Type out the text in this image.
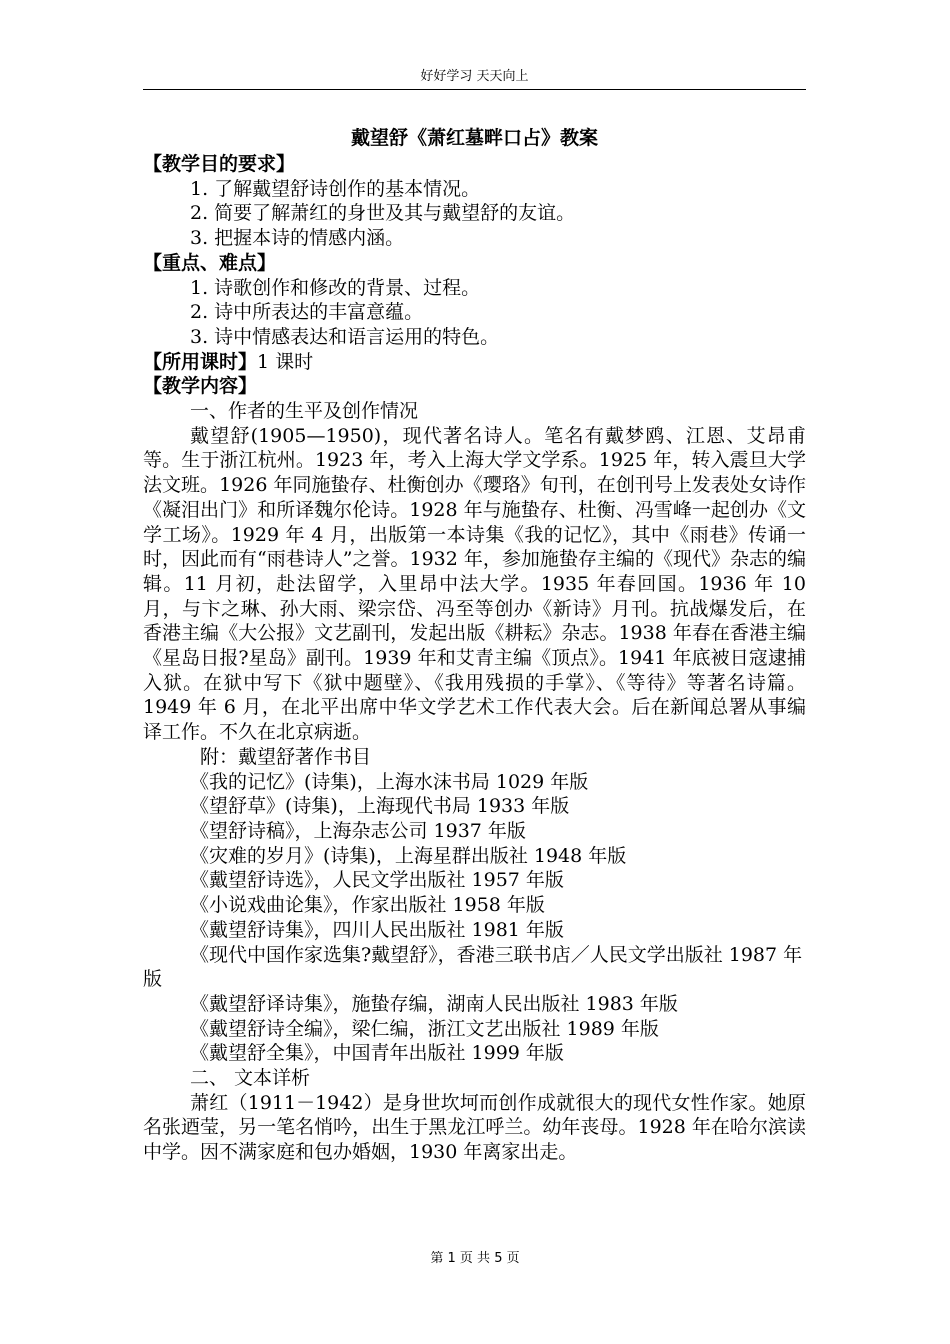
好好学习 天天向上
戴望舒《萧红墓畔口占》教案
【教学目的要求】
1. 了解戴望舒诗创作的基本情况。
2. 简要了解萧红的身世及其与戴望舒的友谊。
3. 把握本诗的情感内涵。
【重点、难点】
1. 诗歌创作和修改的背景、过程。
2. 诗中所表达的丰富意蕴。
3. 诗中情感表达和语言运用的特色。
【所用课时】1 课时
【教学内容】
一、作者的生平及创作情况
戴望舒(1905—1950)，现代著名诗人。笔名有戴梦鸥、江恩、艾昂甫等。生于浙江杭州。1923 年，考入上海大学文学系。1925 年，转入震旦大学法文班。1926 年同施蛰存、杜衡创办《璎珞》旬刊，在创刊号上发表处女诗作《凝泪出门》和所译魏尔伦诗。1928 年与施蛰存、杜衡、冯雪峰一起创办《文学工场》。1929 年 4 月，出版第一本诗集《我的记忆》，其中《雨巷》传诵一时，因此而有“雨巷诗人”之誉。1932 年，参加施蛰存主编的《现代》杂志的编辑。11 月初，赴法留学，入里昂中法大学。1935 年春回国。1936 年 10 月，与卞之琳、孙大雨、梁宗岱、冯至等创办《新诗》月刊。抗战爆发后，在香港主编《大公报》文艺副刊，发起出版《耕耘》杂志。1938 年春在香港主编《星岛日报?星岛》副刊。1939 年和艾青主编《顶点》。1941 年底被日寇逮捕入狱。在狱中写下《狱中题壁》、《我用残损的手掌》、《等待》等著名诗篇。 1949 年 6 月，在北平出席中华文学艺术工作代表大会。后在新闻总署从事编译工作。不久在北京病逝。
附：戴望舒著作书目
《我的记忆》(诗集)，上海水沫书局 1029 年版
《望舒草》(诗集)，上海现代书局 1933 年版
《望舒诗稿》，上海杂志公司 1937 年版
《灾难的岁月》(诗集)，上海星群出版社 1948 年版
《戴望舒诗选》，人民文学出版社 1957 年版
《小说戏曲论集》，作家出版社 1958 年版
《戴望舒诗集》，四川人民出版社 1981 年版
《现代中国作家选集?戴望舒》，香港三联书店／人民文学出版社 1987 年版
《戴望舒译诗集》，施蛰存编，湖南人民出版社 1983 年版
《戴望舒诗全编》，梁仁编，浙江文艺出版社 1989 年版
《戴望舒全集》，中国青年出版社 1999 年版
二、 文本详析
萧红（1911－1942）是身世坎坷而创作成就很大的现代女性作家。她原名张迺莹，另一笔名悄吟，出生于黑龙江呼兰。幼年丧母。1928 年在哈尔滨读中学。因不满家庭和包办婚姻，1930 年离家出走。
第 1 页 共 5 页
